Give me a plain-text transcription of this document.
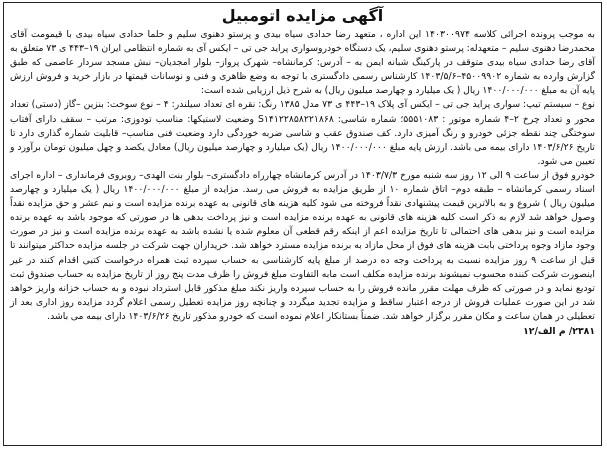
آگهی مزایده اتومبیل

به موجب پرونده اجرائی کلاسه ۱۴۰۳۰۰۹۷۴ این اداره ، متعهد رضا حدادی سیاه بیدی و پرستو دهنوی سلیم و حلما حدادی سیاه بیدی با قیمومت آقای محمدرضا دهنوی سلیم – متعهدله: پرستو دهنوی سلیم، یک دستگاه خودروسواری پراید جی تی – ایکس آی به شماره انتظامی ایران ۱۹–۴۴۳ ی ۷۳ متعلق به آقای رضا حدادی سیاه بیدی متوقف در پارکینگ شبانه ایمن به – آدرس: کرمانشاه– شهرک پرواز– بلوار امجدیان– نبش مسجد سردار عاصمی که طبق گزارش وارده به شماره ۴۵۰۰۹۹۰۲–۱۴۰۳/۵/۶ کارشناس رسمی دادگستری با توجه به وضع ظاهری و فنی و نوسانات قیمتها در بازار خرید و فروش ارزش پایه آن به مبلغ ۱۴۰۰/۰۰۰/۰۰۰ ریال ( یک میلیارد و چهارصد میلیون ریال) به شرح ذیل ارزیابی شده است:

نوع – سیستم تیپ: سواری پراید جی تی – ایکس آی پلاک ۱۹–۴۴۳ ی ۷۳ مدل ۱۳۸۵ رنگ: نقره ای تعداد سیلندر: ۴ – نوع سوخت: بنزین –گاز (دستی) تعداد محور و تعداد چرخ ۲–۴ شماره موتور : ۵۵۵۱۰۸۳؛ شماره شاسی: S۱۴۱۲۲۸۵۸۲۲۱۸۶۸ وضعیت لاستیکها: مناسب تودوزی: مرتب – سقف دارای آفتاب سوختگی چند نقطه جزئی خودرو و رنگ آمیزی دارد. کف صندوق عقب و شاسی ضربه خوردگی دارد وضعیت فنی مناسب– قابلیت شماره گذاری دارد تا تاریخ ۱۴۰۳/۶/۲۶ دارای بیمه می باشد. ارزش پایه مبلغ ۱۴۰۰/۰۰۰/۰۰۰ ریال (یک میلیارد و چهارصد میلیون ریال) معادل یکصد و چهل میلیون تومان برآورد و تعیین می شود.

خودرو فوق از ساعت ۹ الی ۱۲ روز سه شنبه مورخ ۱۴۰۳/۷/۳ در آدرس کرمانشاه چهارراه دادگستری– بلوار بنت الهدی– روبروی فرمانداری – اداره اجرای اسناد رسمی کرمانشاه – طبقه دوم– اتاق شماره ۱۰ از طریق مزایده به فروش می رسد. مزایده از مبلغ ۱۴۰۰/۰۰۰/۰۰۰ ریال ( یک میلیارد و چهارصد میلیون ریال ) شروع و به بالاترین قیمت پیشنهادی نقداً فروخته می شود کلیه هزینه های قانونی به عهده برنده مزایده است و نیم عشر و حق مزایده نقداً وصول خواهد شد لازم به ذکر است کلیه هزینه های قانونی به عهده برنده مزایده است و نیز پرداخت بدهی ها در صورتی که موجود باشد به عهده برنده مزایده است و نیز بدهی های احتمالی تا تاریخ مزایده اعم از اینکه رقم قطعی آن معلوم شده یا نشده باشد به عهده برنده مزایده است و نیز در صورت وجود مازاد وجوه پرداختی بابت هزینه های فوق از محل مازاد به برنده مزایده مسترد خواهد شد. خریداران جهت شرکت در جلسه مزایده حداکثر میتوانند تا قبل از ساعت ۹ روز مزایده نسبت به پرداخت وجه ده درصد از مبلغ پایه کارشناسی به حساب سپرده ثبت همراه درخواست کتبی اقدام کنند در غیر اینصورت شرکت کننده محسوب نمیشوند برنده مزایده مکلف است مابه التفاوت مبلغ فروش را ظرف مدت پنج روز از تاریخ مزایده به حساب صندوق ثبت تودیع نماید و در صورتی که ظرف مهلت مقرر مانده فروش را به حساب سپرده واریز نکند مبلغ مذکور قابل استرداد نبوده و به حساب خزانه واریز خواهد شد در این صورت عملیات فروش از درجه اعتبار ساقط و مزایده تجدید میگردد و چنانچه روز مزایده تعطیل رسمی اعلام گردد مزایده روز اداری بعد از تعطیلی در همان ساعت و مکان مقرر برگزار خواهد شد. ضمناً بستانکار اعلام نموده است که خودرو مذکور تاریخ ۱۴۰۳/۶/۲۶ دارای بیمه می باشد.

۲۳۸۱/ م الف/۱۲
